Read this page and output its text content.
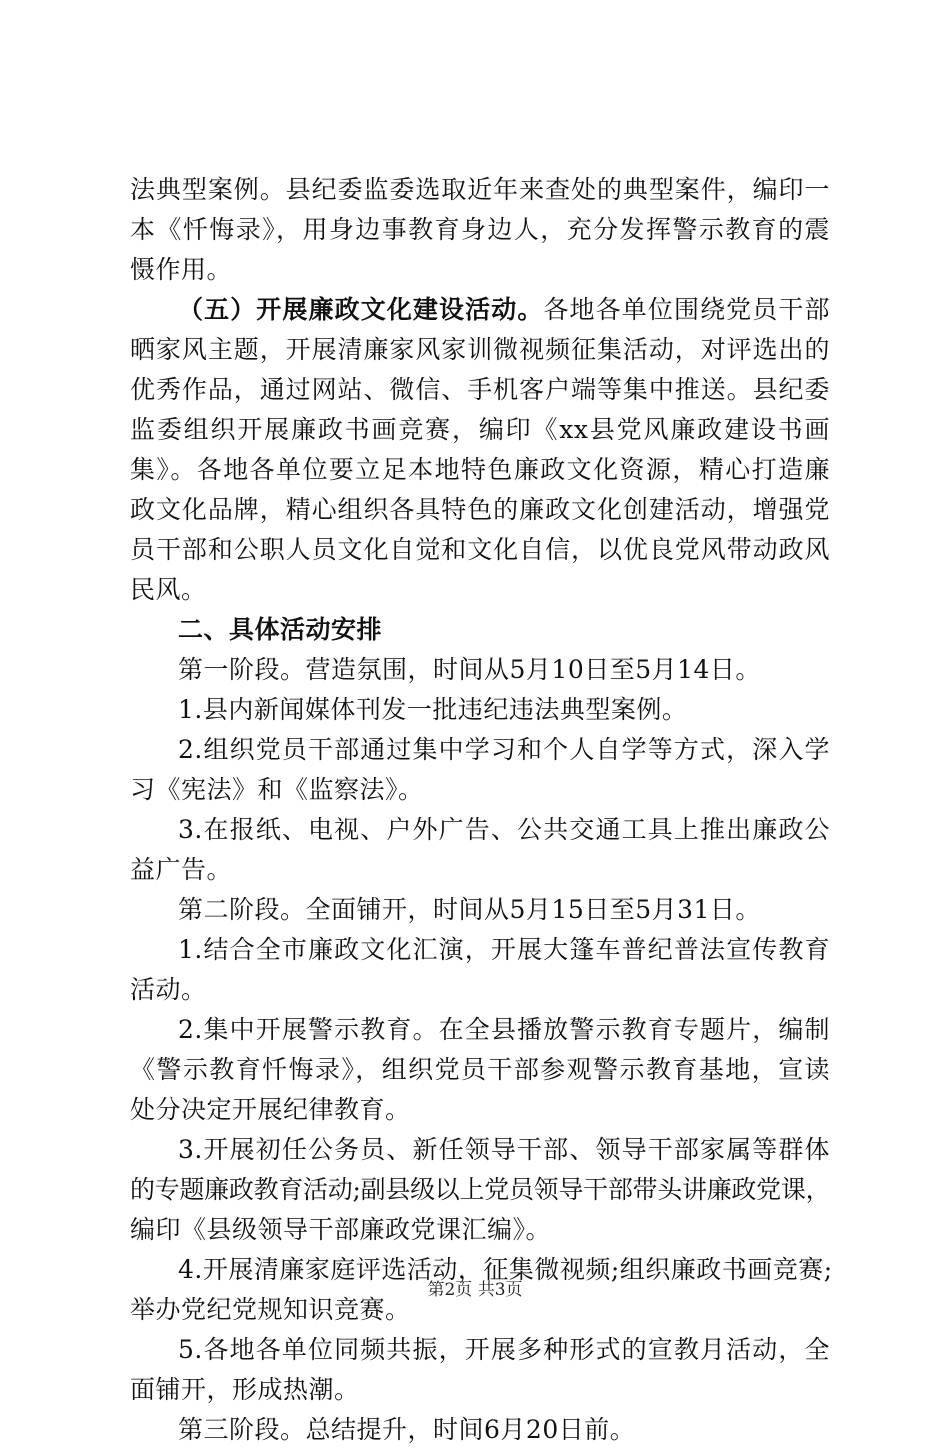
法典型案例。县纪委监委选取近年来查处的典型案件，编印一
本《忏悔录》，用身边事教育身边人，充分发挥警示教育的震
慑作用。
（五）开展廉政文化建设活动。各地各单位围绕党员干部
晒家风主题，开展清廉家风家训微视频征集活动，对评选出的
优秀作品，通过网站、微信、手机客户端等集中推送。县纪委
监委组织开展廉政书画竞赛，编印《xx县党风廉政建设书画
集》。各地各单位要立足本地特色廉政文化资源，精心打造廉
政文化品牌，精心组织各具特色的廉政文化创建活动，增强党
员干部和公职人员文化自觉和文化自信，以优良党风带动政风
民风。
二、具体活动安排
第一阶段。营造氛围，时间从5月10日至5月14日。
1.县内新闻媒体刊发一批违纪违法典型案例。
2.组织党员干部通过集中学习和个人自学等方式，深入学
习《宪法》和《监察法》。
3.在报纸、电视、户外广告、公共交通工具上推出廉政公
益广告。
第二阶段。全面铺开，时间从5月15日至5月31日。
1.结合全市廉政文化汇演，开展大篷车普纪普法宣传教育
活动。
2.集中开展警示教育。在全县播放警示教育专题片，编制
《警示教育忏悔录》，组织党员干部参观警示教育基地，宣读
处分决定开展纪律教育。
3.开展初任公务员、新任领导干部、领导干部家属等群体
的专题廉政教育活动;副县级以上党员领导干部带头讲廉政党课，
编印《县级领导干部廉政党课汇编》。
4.开展清廉家庭评选活动，征集微视频;组织廉政书画竞赛;
举办党纪党规知识竞赛。
5.各地各单位同频共振，开展多种形式的宣教月活动，全
面铺开，形成热潮。
第三阶段。总结提升，时间6月20日前。
第2页 共3页
